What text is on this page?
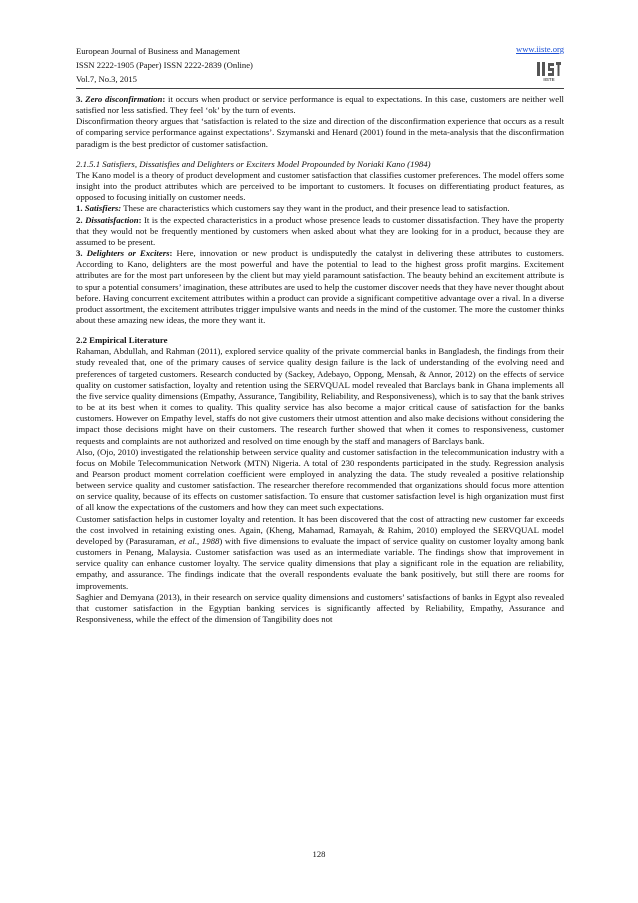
European Journal of Business and Management
ISSN 2222-1905 (Paper) ISSN 2222-2839 (Online)
Vol.7, No.3, 2015
www.iiste.org
IISTE

3. Zero disconfirmation: it occurs when product or service performance is equal to expectations. In this case, customers are neither well satisfied nor less satisfied. They feel ‘ok’ by the turn of events.

Disconfirmation theory argues that ‘satisfaction is related to the size and direction of the disconfirmation experience that occurs as a result of comparing service performance against expectations’. Szymanski and Henard (2001) found in the meta-analysis that the disconfirmation paradigm is the best predictor of customer satisfaction.

2.1.5.1 Satisfiers, Dissatisfies and Delighters or Exciters Model Propounded by Noriaki Kano (1984)

The Kano model is a theory of product development and customer satisfaction that classifies customer preferences. The model offers some insight into the product attributes which are perceived to be important to customers. It focuses on differentiating product features, as opposed to focusing initially on customer needs.

1. Satisfiers: These are characteristics which customers say they want in the product, and their presence lead to satisfaction.

2. Dissatisfaction: It is the expected characteristics in a product whose presence leads to customer dissatisfaction. They have the property that they would not be frequently mentioned by customers when asked about what they are looking for in a product, because they are assumed to be present.

3. Delighters or Exciters: Here, innovation or new product is undisputedly the catalyst in delivering these attributes to customers. According to Kano, delighters are the most powerful and have the potential to lead to the highest gross profit margins. Excitement attributes are for the most part unforeseen by the client but may yield paramount satisfaction. The beauty behind an excitement attribute is to spur a potential consumers’ imagination, these attributes are used to help the customer discover needs that they have never thought about before. Having concurrent excitement attributes within a product can provide a significant competitive advantage over a rival. In a diverse product assortment, the excitement attributes trigger impulsive wants and needs in the mind of the customer. The more the customer thinks about these amazing new ideas, the more they want it.

2.2 Empirical Literature

Rahaman, Abdullah, and Rahman (2011), explored service quality of the private commercial banks in Bangladesh, the findings from their study revealed that, one of the primary causes of service quality design failure is the lack of understanding of the evolving need and preferences of targeted customers. Research conducted by (Sackey, Adebayo, Oppong, Mensah, & Annor, 2012) on the effects of service quality on customer satisfaction, loyalty and retention using the SERVQUAL model revealed that Barclays bank in Ghana implements all the five service quality dimensions (Empathy, Assurance, Tangibility, Reliability, and Responsiveness), which is to say that the bank strives to be at its best when it comes to quality. This quality service has also become a major critical cause of satisfaction for the banks customers. However on Empathy level, staffs do not give customers their utmost attention and also make decisions without considering the impact those decisions might have on their customers. The research further showed that when it comes to responsiveness, customer requests and complaints are not authorized and resolved on time enough by the staff and managers of Barclays bank.

Also, (Ojo, 2010) investigated the relationship between service quality and customer satisfaction in the telecommunication industry with a focus on Mobile Telecommunication Network (MTN) Nigeria. A total of 230 respondents participated in the study. Regression analysis and Pearson product moment correlation coefficient were employed in analyzing the data. The study revealed a positive relationship between service quality and customer satisfaction. The researcher therefore recommended that organizations should focus more attention on service quality, because of its effects on customer satisfaction. To ensure that customer satisfaction level is high organization must first of all know the expectations of the customers and how they can meet such expectations.

Customer satisfaction helps in customer loyalty and retention. It has been discovered that the cost of attracting new customer far exceeds the cost involved in retaining existing ones. Again, (Kheng, Mahamad, Ramayah, & Rahim, 2010) employed the SERVQUAL model developed by (Parasuraman, et al., 1988) with five dimensions to evaluate the impact of service quality on customer loyalty among bank customers in Penang, Malaysia. Customer satisfaction was used as an intermediate variable. The findings show that improvement in service quality can enhance customer loyalty. The service quality dimensions that play a significant role in the equation are reliability, empathy, and assurance. The findings indicate that the overall respondents evaluate the bank positively, but still there are rooms for improvements.

Saghier and Demyana (2013), in their research on service quality dimensions and customers’ satisfactions of banks in Egypt also revealed that customer satisfaction in the Egyptian banking services is significantly affected by Reliability, Empathy, Assurance and Responsiveness, while the effect of the dimension of Tangibility does not

128
